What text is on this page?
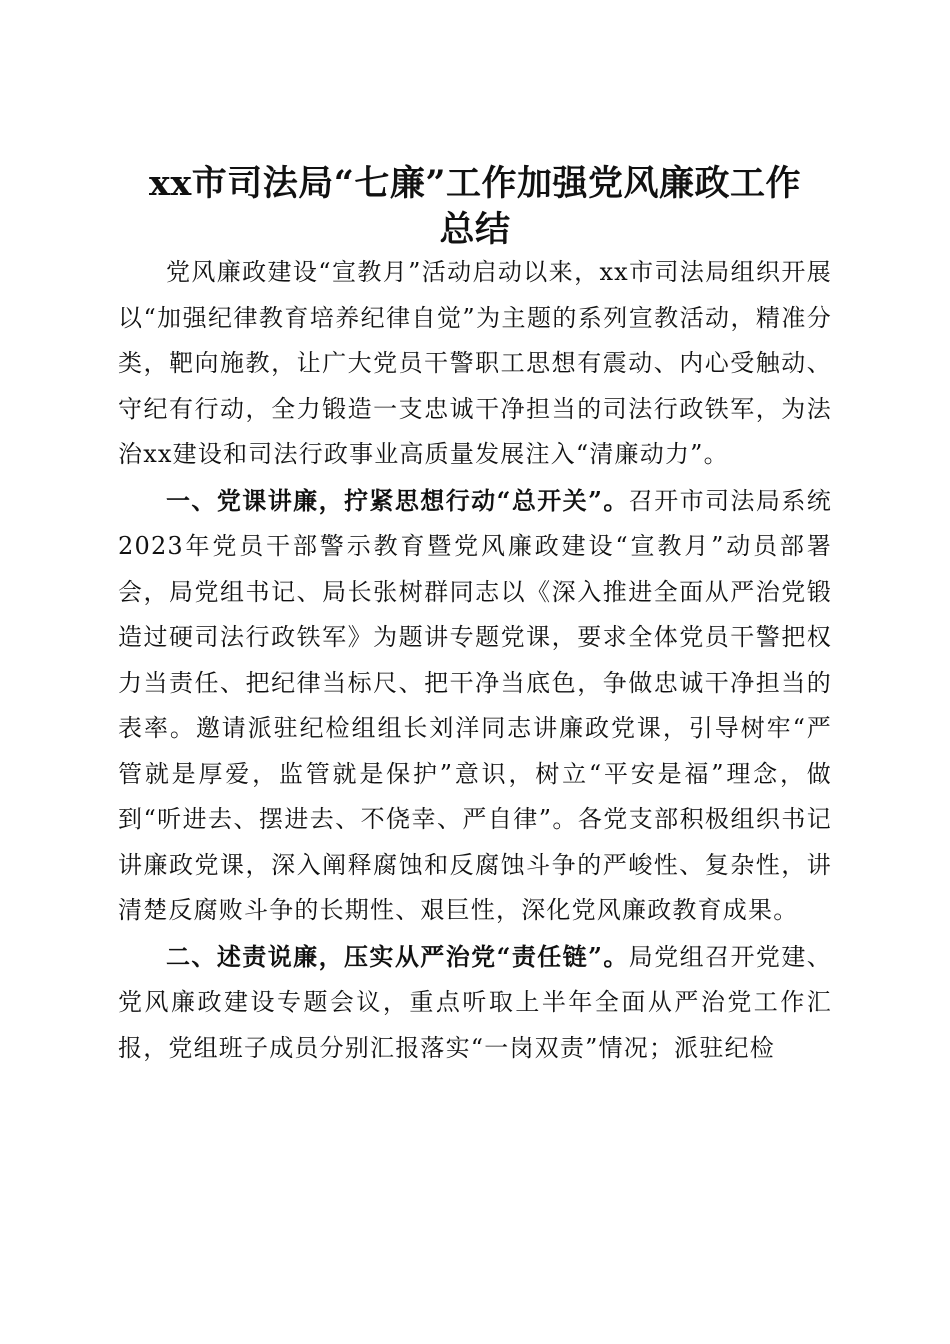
xx市司法局“七廉”工作加强党风廉政工作
总结

党风廉政建设“宣教月”活动启动以来，xx市司法局组织开展以“加强纪律教育培养纪律自觉”为主题的系列宣教活动，精准分类，靶向施教，让广大党员干警职工思想有震动、内心受触动、守纪有行动，全力锻造一支忠诚干净担当的司法行政铁军，为法治xx建设和司法行政事业高质量发展注入“清廉动力”。

一、党课讲廉，拧紧思想行动“总开关”。召开市司法局系统2023年党员干部警示教育暨党风廉政建设“宣教月”动员部署会，局党组书记、局长张树群同志以《深入推进全面从严治党锻造过硬司法行政铁军》为题讲专题党课，要求全体党员干警把权力当责任、把纪律当标尺、把干净当底色，争做忠诚干净担当的表率。邀请派驻纪检组组长刘洋同志讲廉政党课，引导树牢“严管就是厚爱，监管就是保护”意识，树立“平安是福”理念，做到“听进去、摆进去、不侥幸、严自律”。各党支部积极组织书记讲廉政党课，深入阐释腐蚀和反腐蚀斗争的严峻性、复杂性，讲清楚反腐败斗争的长期性、艰巨性，深化党风廉政教育成果。

二、述责说廉，压实从严治党“责任链”。局党组召开党建、党风廉政建设专题会议，重点听取上半年全面从严治党工作汇报，党组班子成员分别汇报落实“一岗双责”情况；派驻纪检
